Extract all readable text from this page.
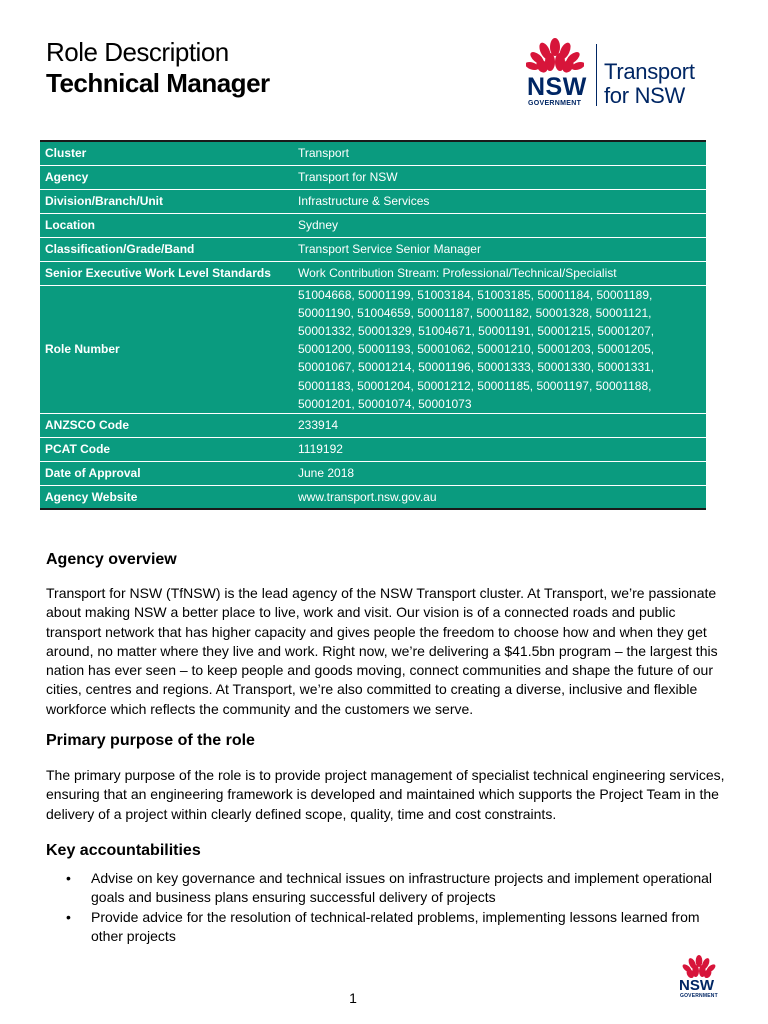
Role Description
Technical Manager	NSW
GOVERNMENT
Transport
for NSW
Cluster	Transport
Agency	Transport for NSW
Division/Branch/Unit	Infrastructure & Services
Location	Sydney
Classification/Grade/Band	Transport Service Senior Manager
Senior Executive Work Level Standards	Work Contribution Stream: Professional/Technical/Specialist
Role Number	51004668, 50001199, 51003184, 51003185, 50001184, 50001189, 50001190, 51004659, 50001187, 50001182, 50001328, 50001121, 50001332, 50001329, 51004671, 50001191, 50001215, 50001207, 50001200, 50001193, 50001062, 50001210, 50001203, 50001205, 50001067, 50001214, 50001196, 50001333, 50001330, 50001331, 50001183, 50001204, 50001212, 50001185, 50001197, 50001188, 50001201, 50001074, 50001073

ANZSCO Code	233914
PCAT Code	1119192
Date of Approval	June 2018
Agency Website	www.transport.nsw.gov.au
Agency overview
Transport for NSW (TfNSW) is the lead agency of the NSW Transport cluster. At Transport, we’re passionate about making NSW a better place to live, work and visit. Our vision is of a connected roads and public transport network that has higher capacity and gives people the freedom to choose how and when they get around, no matter where they live and work. Right now, we’re delivering a $41.5bn program – the largest this nation has ever seen – to keep people and goods moving, connect communities and shape the future of our cities, centres and regions. At Transport, we’re also committed to creating a diverse, inclusive and flexible workforce which reflects the community and the customers we serve.
Primary purpose of the role
The primary purpose of the role is to provide project management of specialist technical engineering services, ensuring that an engineering framework is developed and maintained which supports the Project Team in the delivery of a project within clearly defined scope, quality, time and cost constraints.
Key accountabilities
• Advise on key governance and technical issues on infrastructure projects and implement operational goals and business plans ensuring successful delivery of projects
• Provide advice for the resolution of technical-related problems, implementing lessons learned from other projects
1
NSW
GOVERNMENT
